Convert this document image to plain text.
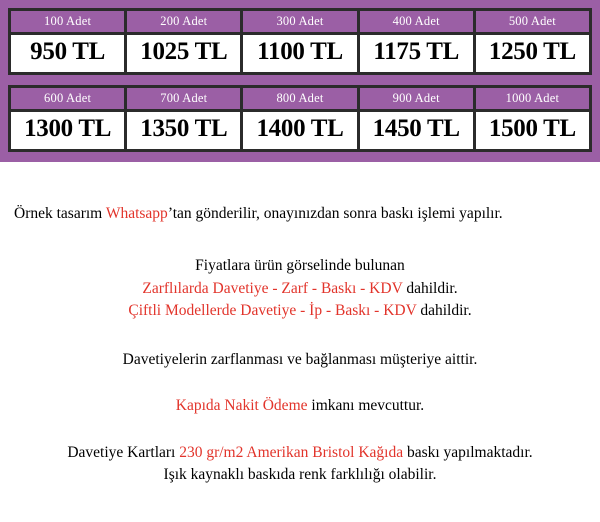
100 Adet
950 TL
200 Adet
1025 TL
300 Adet
1100 TL
400 Adet
1175 TL
500 Adet
1250 TL
600 Adet
1300 TL
700 Adet
1350 TL
800 Adet
1400 TL
900 Adet
1450 TL
1000 Adet
1500 TL
Örnek tasarım Whatsapp’tan gönderilir, onayınızdan sonra baskı işlemi yapılır.
Fiyatlara ürün görselinde bulunan
Zarflılarda Davetiye - Zarf - Baskı - KDV dahildir.
Çiftli Modellerde Davetiye - İp - Baskı - KDV dahildir.
Davetiyelerin zarflanması ve bağlanması müşteriye aittir.
Kapıda Nakit Ödeme imkanı mevcuttur.
Davetiye Kartları 230 gr/m2 Amerikan Bristol Kağıda baskı yapılmaktadır.
Işık kaynaklı baskıda renk farklılığı olabilir.
